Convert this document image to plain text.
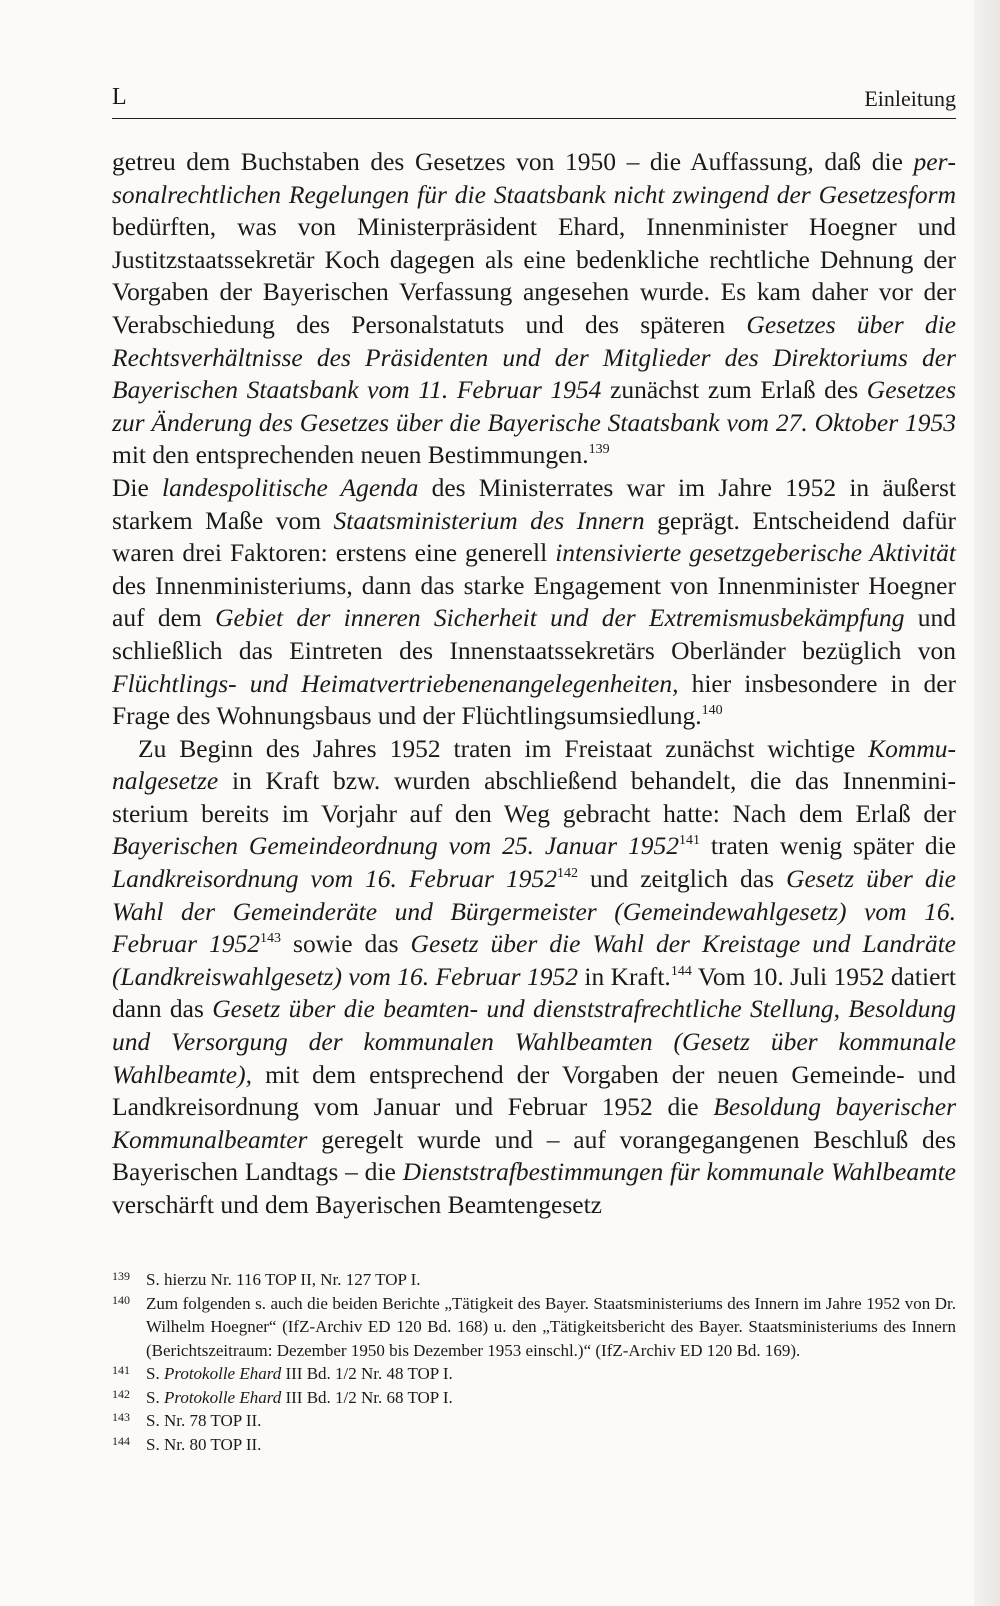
L	Einleitung

getreu dem Buchstaben des Gesetzes von 1950 – die Auffassung, daß die personalrechtlichen Regelungen für die Staatsbank nicht zwingend der Gesetzesform bedürften, was von Ministerpräsident Ehard, Innenminister Hoegner und Justitzstaatssekretär Koch dagegen als eine bedenkliche rechtliche Dehnung der Vorgaben der Bayerischen Verfassung angesehen wurde. Es kam daher vor der Verabschiedung des Personalstatuts und des späteren Gesetzes über die Rechtsverhältnisse des Präsidenten und der Mitglieder des Direktoriums der Bayerischen Staatsbank vom 11. Februar 1954 zunächst zum Erlaß des Gesetzes zur Änderung des Gesetzes über die Bayerische Staatsbank vom 27. Oktober 1953 mit den entsprechenden neuen Bestimmungen.$^{139}$

Die landespolitische Agenda des Ministerrates war im Jahre 1952 in äußerst starkem Maße vom Staatsministerium des Innern geprägt. Entscheidend dafür waren drei Faktoren: erstens eine generell intensivierte gesetzgeberische Aktivität des Innenministeriums, dann das starke Engagement von Innenminister Hoegner auf dem Gebiet der inneren Sicherheit und der Extremismusbekämpfung und schließlich das Eintreten des Innenstaatssekretärs Oberländer bezüglich von Flüchtlings- und Heimatvertriebenenangelegenheiten, hier insbesondere in der Frage des Wohnungsbaus und der Flüchtlingsumsiedlung.$^{140}$

Zu Beginn des Jahres 1952 traten im Freistaat zunächst wichtige Kommunalgesetze in Kraft bzw. wurden abschließend behandelt, die das Innenministerium bereits im Vorjahr auf den Weg gebracht hatte: Nach dem Erlaß der Bayerischen Gemeindeordnung vom 25. Januar 1952$^{141}$ traten wenig später die Landkreisordnung vom 16. Februar 1952$^{142}$ und zeitglich das Gesetz über die Wahl der Gemeinderäte und Bürgermeister (Gemeindewahlgesetz) vom 16. Februar 1952$^{143}$ sowie das Gesetz über die Wahl der Kreistage und Landräte (Landkreiswahlgesetz) vom 16. Februar 1952 in Kraft.$^{144}$ Vom 10. Juli 1952 datiert dann das Gesetz über die beamten- und dienststrafrechtliche Stellung, Besoldung und Versorgung der kommunalen Wahlbeamten (Gesetz über kommunale Wahlbeamte), mit dem entsprechend der Vorgaben der neuen Gemeinde- und Landkreisordnung vom Januar und Februar 1952 die Besoldung bayerischer Kommunalbeamter geregelt wurde und – auf vorangegangenen Beschluß des Bayerischen Landtags – die Dienststrafbestimmungen für kommunale Wahlbeamte verschärft und dem Bayerischen Beamtengesetz

139 S. hierzu Nr. 116 TOP II, Nr. 127 TOP I.
140 Zum folgenden s. auch die beiden Berichte „Tätigkeit des Bayer. Staatsministeriums des Innern im Jahre 1952 von Dr. Wilhelm Hoegner“ (IfZ-Archiv ED 120 Bd. 168) u. den „Tätigkeitsbericht des Bayer. Staatsministeriums des Innern (Berichtszeitraum: Dezember 1950 bis Dezember 1953 einschl.)“ (IfZ-Archiv ED 120 Bd. 169).
141 S. Protokolle Ehard III Bd. 1/2 Nr. 48 TOP I.
142 S. Protokolle Ehard III Bd. 1/2 Nr. 68 TOP I.
143 S. Nr. 78 TOP II.
144 S. Nr. 80 TOP II.
